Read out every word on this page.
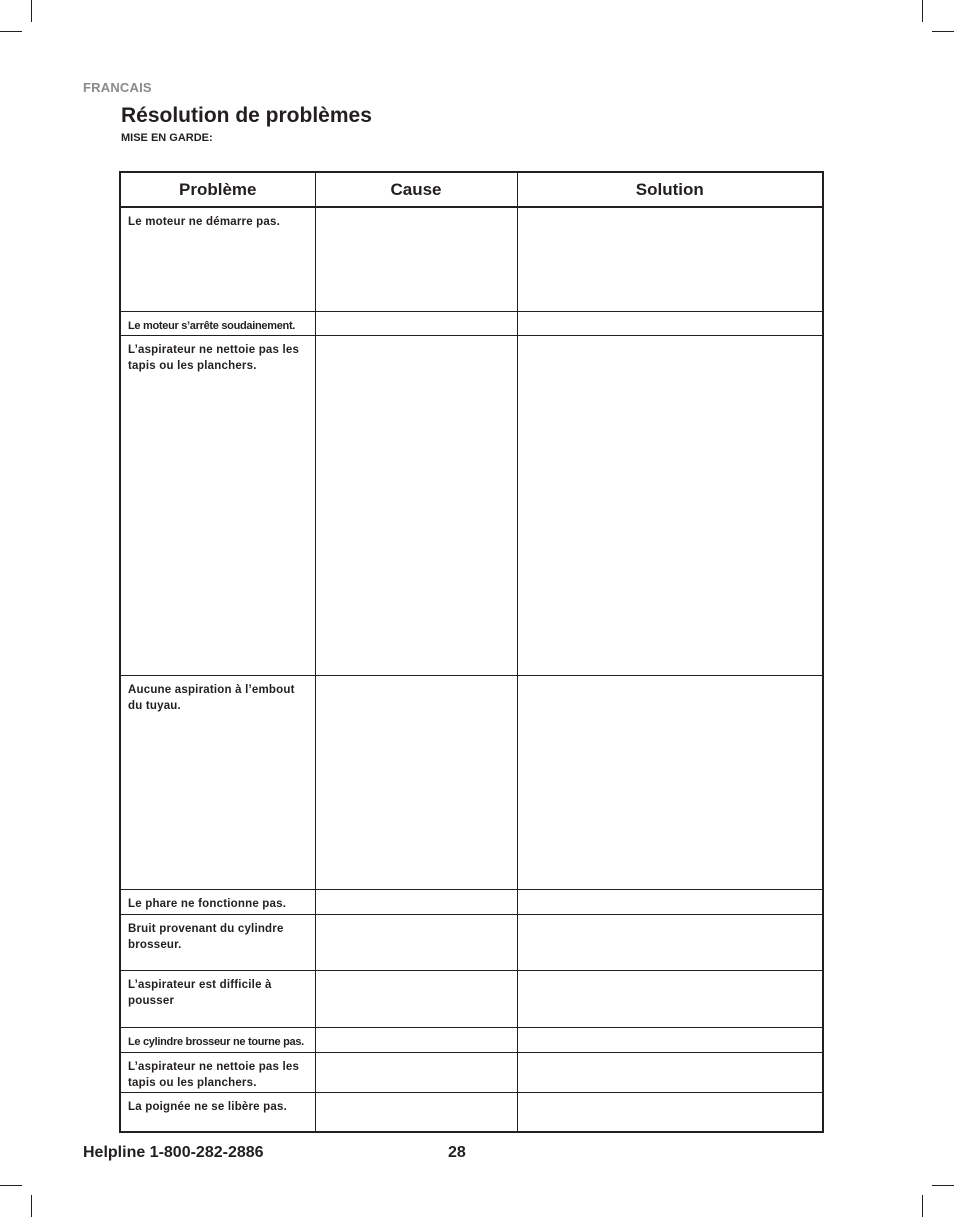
FRANCAIS
Résolution de problèmes
MISE EN GARDE:
Problème	Cause	Solution

Le moteur ne démarre pas.		

Le moteur s’arrête soudainement.		

L’aspirateur ne nettoie pas les tapis ou les planchers.		

Aucune aspiration à l’embout du tuyau.		

Le phare ne fonctionne pas.		

Bruit provenant du cylindre brosseur.		

L’aspirateur est difficile à pousser		

Le cylindre brosseur ne tourne pas.		

L’aspirateur ne nettoie pas les tapis ou les planchers.		

La poignée ne se libère pas.		

Helpline 1-800-282-2886	28
